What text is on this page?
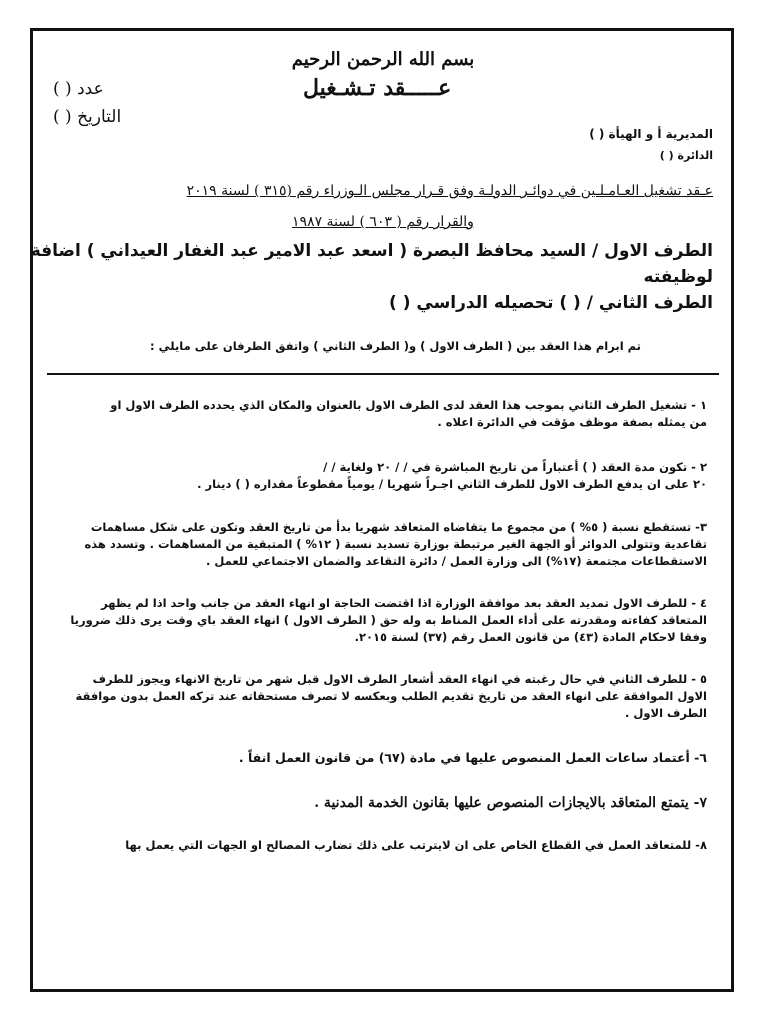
بسم الله الرحمن الرحيم
عـــــقد تـشـغيل
عدد ( )
التاريخ ( )
المديرية أ و الهيأة ( )
الدائرة ( )
عـقد تشغيل العـامـلـين في دوائـر الدولـة وفق قـرار مجلس الـوزراء رقم (٣١٥ ) لسنة ٢٠١٩
والقرار رقم ( ٦٠٣ ) لسنة ١٩٨٧
الطرف الاول / السيد محافظ البصرة ( اسعد عبد الامير عبد الغفار العيداني ) اضافة
لوظيفته
الطرف الثاني / ( ) تحصيله الدراسي ( )
تم ابرام هذا العقد بين ( الطرف الاول ) و( الطرف الثاني ) واتفق الطرفان على مايلي :
١ - تشغيل الطرف الثاني بموجب هذا العقد لدى الطرف الاول بالعنوان والمكان الذي يحدده الطرف الاول او
من يمثله بصفة موظف مؤقت في الدائرة اعلاه .
٢ - تكون مدة العقد ( ) أعتباراً من تاريخ المباشرة في / / ٢٠ ولغاية / /
٢٠ على ان يدفع الطرف الاول للطرف الثاني اجـراً شهريا / يومياً مقطوعاً مقداره ( ) دينار .
٣- تستقطع نسبة ( ٥% ) من مجموع ما يتقاضاه المتعاقد شهريا بدأ من تاريخ العقد وتكون على شكل مساهمات
تقاعدية وتتولى الدوائر أو الجهة الغير مرتبطة بوزارة تسديد نسبة ( ١٢% ) المتبقية من المساهمات . وتسدد هذه
الاستقطاعات مجتمعة (١٧%) الى وزارة العمل / دائرة التقاعد والضمان الاجتماعي للعمل .
٤ - للطرف الاول تمديد العقد بعد موافقة الوزارة اذا اقتضت الحاجة او انهاء العقد من جانب واحد اذا لم يظهر
المتعاقد كفاءته ومقدرته على أداء العمل المناط به وله حق ( الطرف الاول ) انهاء العقد باي وقت يرى ذلك ضروريا
وفقا لاحكام المادة (٤٣) من قانون العمل رقم (٣٧) لسنة ٢٠١٥.
٥ - للطرف الثاني في حال رغبته في انهاء العقد أشعار الطرف الاول قبل شهر من تاريخ الانهاء ويجوز للطرف
الاول الموافقة على انهاء العقد من تاريخ تقديم الطلب وبعكسه لا تصرف مستحقاته عند تركه العمل بدون موافقة
الطرف الاول .
٦- أعتماد ساعات العمل المنصوص عليها في مادة (٦٧) من قانون العمل انفاً .
٧- يتمتع المتعاقد بالايجازات المنصوص عليها بقانون الخدمة المدنية .
٨- للمتعاقد العمل في القطاع الخاص على ان لايترتب على ذلك تضارب المصالح او الجهات التي يعمل بها
